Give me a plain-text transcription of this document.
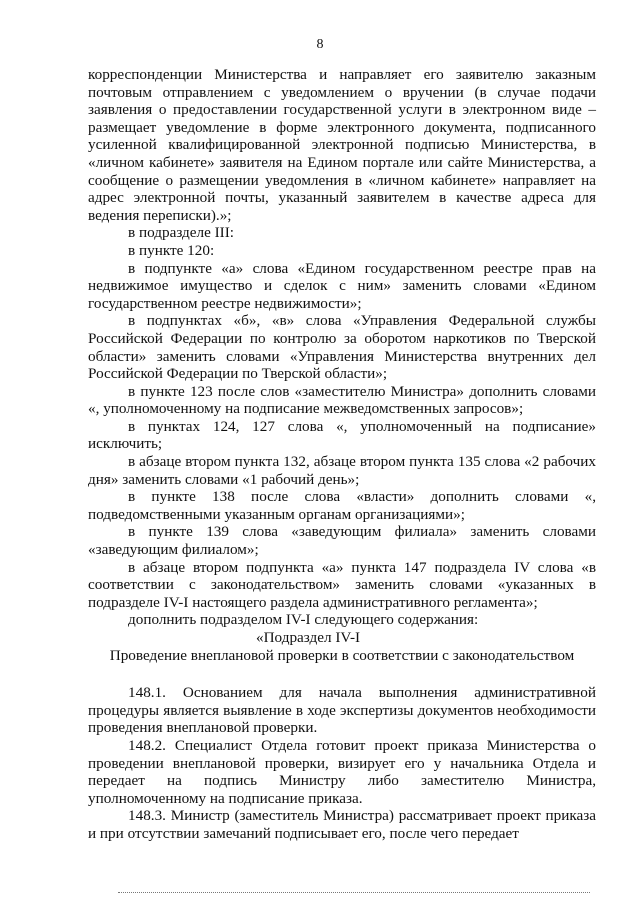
8

корреспонденции Министерства и направляет его заявителю заказным почтовым отправлением с уведомлением о вручении (в случае подачи заявления о предоставлении государственной услуги в электронном виде – размещает уведомление в форме электронного документа, подписанного усиленной квалифицированной электронной подписью Министерства, в «личном кабинете» заявителя на Едином портале или сайте Министерства, а сообщение о размещении уведомления в «личном кабинете» направляет на адрес электронной почты, указанный заявителем в качестве адреса для ведения переписки).»;

в подразделе III:

в пункте 120:

в подпункте «а» слова «Едином государственном реестре прав на недвижимое имущество и сделок с ним» заменить словами «Едином государственном реестре недвижимости»;

в подпунктах «б», «в» слова «Управления Федеральной службы Российской Федерации по контролю за оборотом наркотиков по Тверской области» заменить словами «Управления Министерства внутренних дел Российской Федерации по Тверской области»;

в пункте 123 после слов «заместителю Министра» дополнить словами «, уполномоченному на подписание межведомственных запросов»;

в пунктах 124, 127 слова «, уполномоченный на подписание» исключить;

в абзаце втором пункта 132, абзаце втором пункта 135 слова «2 рабочих дня» заменить словами «1 рабочий день»;

в пункте 138 после слова «власти» дополнить словами «, подведомственными указанным органам организациями»;

в пункте 139 слова «заведующим филиала» заменить словами «заведующим филиалом»;

в абзаце втором подпункта «а» пункта 147 подраздела IV слова «в соответствии с законодательством» заменить словами «указанных в подразделе IV-I настоящего раздела административного регламента»;

дополнить подразделом IV-I следующего содержания:

«Подраздел IV-I

Проведение внеплановой проверки в соответствии с законодательством

148.1. Основанием для начала выполнения административной процедуры является выявление в ходе экспертизы документов необходимости проведения внеплановой проверки.

148.2. Специалист Отдела готовит проект приказа Министерства о проведении внеплановой проверки, визирует его у начальника Отдела и передает на подпись Министру либо заместителю Министра, уполномоченному на подписание приказа.

148.3. Министр (заместитель Министра) рассматривает проект приказа и при отсутствии замечаний подписывает его, после чего передает
